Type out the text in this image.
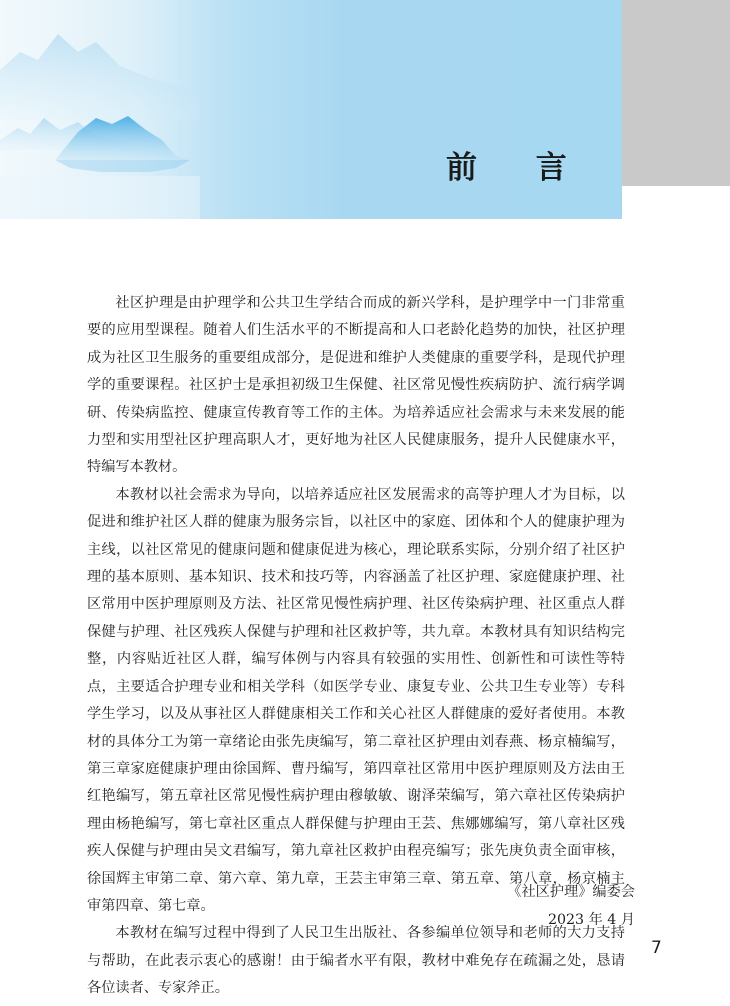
前 言

社区护理是由护理学和公共卫生学结合而成的新兴学科，是护理学中一门非常重要的应用型课程。随着人们生活水平的不断提高和人口老龄化趋势的加快，社区护理成为社区卫生服务的重要组成部分，是促进和维护人类健康的重要学科，是现代护理学的重要课程。社区护士是承担初级卫生保健、社区常见慢性疾病防护、流行病学调研、传染病监控、健康宣传教育等工作的主体。为培养适应社会需求与未来发展的能力型和实用型社区护理高职人才，更好地为社区人民健康服务，提升人民健康水平，特编写本教材。

本教材以社会需求为导向，以培养适应社区发展需求的高等护理人才为目标，以促进和维护社区人群的健康为服务宗旨，以社区中的家庭、团体和个人的健康护理为主线，以社区常见的健康问题和健康促进为核心，理论联系实际，分别介绍了社区护理的基本原则、基本知识、技术和技巧等，内容涵盖了社区护理、家庭健康护理、社区常用中医护理原则及方法、社区常见慢性病护理、社区传染病护理、社区重点人群保健与护理、社区残疾人保健与护理和社区救护等，共九章。本教材具有知识结构完整，内容贴近社区人群，编写体例与内容具有较强的实用性、创新性和可读性等特点，主要适合护理专业和相关学科（如医学专业、康复专业、公共卫生专业等）专科学生学习，以及从事社区人群健康相关工作和关心社区人群健康的爱好者使用。本教材的具体分工为第一章绪论由张先庚编写，第二章社区护理由刘春燕、杨京楠编写，第三章家庭健康护理由徐国辉、曹丹编写，第四章社区常用中医护理原则及方法由王红艳编写，第五章社区常见慢性病护理由穆敏敏、谢泽荣编写，第六章社区传染病护理由杨艳编写，第七章社区重点人群保健与护理由王芸、焦娜娜编写，第八章社区残疾人保健与护理由吴文君编写，第九章社区救护由程亮编写；张先庚负责全面审核，徐国辉主审第二章、第六章、第九章，王芸主审第三章、第五章、第八章，杨京楠主审第四章、第七章。

本教材在编写过程中得到了人民卫生出版社、各参编单位领导和老师的大力支持与帮助，在此表示衷心的感谢！由于编者水平有限，教材中难免存在疏漏之处，恳请各位读者、专家斧正。

《社区护理》编委会
2023 年 4 月
7
